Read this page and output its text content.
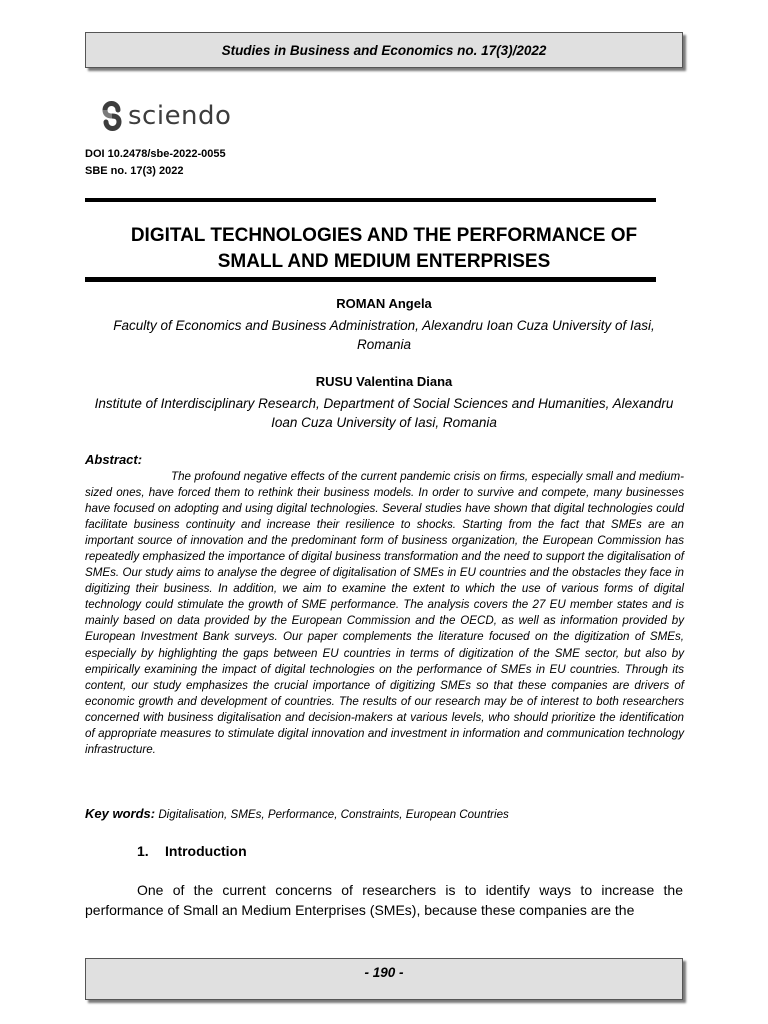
Studies in Business and Economics no. 17(3)/2022
sciendo
DOI 10.2478/sbe-2022-0055
SBE no. 17(3) 2022
DIGITAL TECHNOLOGIES AND THE PERFORMANCE OF
SMALL AND MEDIUM ENTERPRISES
ROMAN Angela
Faculty of Economics and Business Administration, Alexandru Ioan Cuza University of Iasi, Romania
RUSU Valentina Diana
Institute of Interdisciplinary Research, Department of Social Sciences and Humanities, Alexandru Ioan Cuza University of Iasi, Romania
Abstract:
The profound negative effects of the current pandemic crisis on firms, especially small and medium-sized ones, have forced them to rethink their business models. In order to survive and compete, many businesses have focused on adopting and using digital technologies. Several studies have shown that digital technologies could facilitate business continuity and increase their resilience to shocks. Starting from the fact that SMEs are an important source of innovation and the predominant form of business organization, the European Commission has repeatedly emphasized the importance of digital business transformation and the need to support the digitalisation of SMEs. Our study aims to analyse the degree of digitalisation of SMEs in EU countries and the obstacles they face in digitizing their business. In addition, we aim to examine the extent to which the use of various forms of digital technology could stimulate the growth of SME performance. The analysis covers the 27 EU member states and is mainly based on data provided by the European Commission and the OECD, as well as information provided by European Investment Bank surveys. Our paper complements the literature focused on the digitization of SMEs, especially by highlighting the gaps between EU countries in terms of digitization of the SME sector, but also by empirically examining the impact of digital technologies on the performance of SMEs in EU countries. Through its content, our study emphasizes the crucial importance of digitizing SMEs so that these companies are drivers of economic growth and development of countries. The results of our research may be of interest to both researchers concerned with business digitalisation and decision-makers at various levels, who should prioritize the identification of appropriate measures to stimulate digital innovation and investment in information and communication technology infrastructure.
Key words: Digitalisation, SMEs, Performance, Constraints, European Countries
1. Introduction
One of the current concerns of researchers is to identify ways to increase the performance of Small an Medium Enterprises (SMEs), because these companies are the
- 190 -
